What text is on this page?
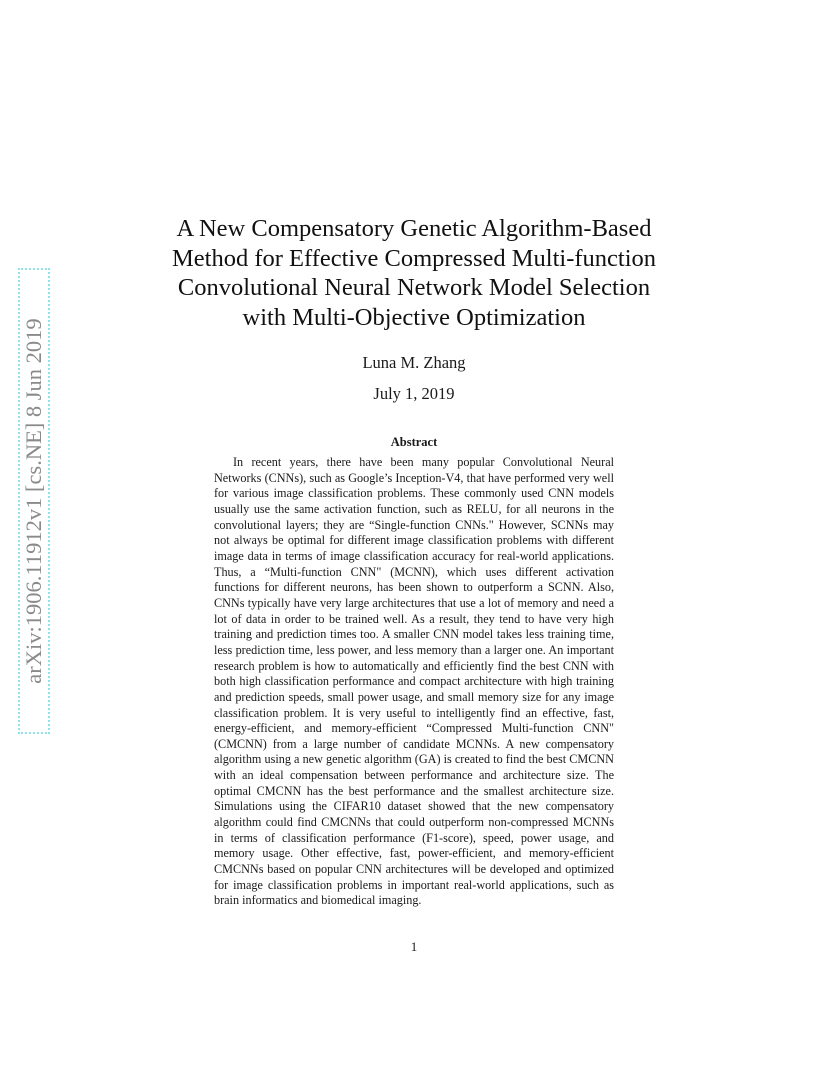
arXiv:1906.11912v1 [cs.NE] 8 Jun 2019
A New Compensatory Genetic Algorithm-Based
Method for Effective Compressed Multi-function
Convolutional Neural Network Model Selection
with Multi-Objective Optimization
Luna M. Zhang
July 1, 2019
Abstract
In recent years, there have been many popular Convolutional Neural Networks (CNNs), such as Google’s Inception-V4, that have performed very well for various image classification problems. These commonly used CNN models usually use the same activation function, such as RELU, for all neurons in the convolutional layers; they are “Single-function CNNs." However, SCNNs may not always be optimal for different image classification problems with different image data in terms of image classification accuracy for real-world applications. Thus, a “Multi-function CNN" (MCNN), which uses different activation functions for different neurons, has been shown to outperform a SCNN. Also, CNNs typically have very large architectures that use a lot of memory and need a lot of data in order to be trained well. As a result, they tend to have very high training and prediction times too. A smaller CNN model takes less training time, less prediction time, less power, and less memory than a larger one. An important research problem is how to automatically and efficiently find the best CNN with both high classification performance and compact architecture with high training and prediction speeds, small power usage, and small memory size for any image classification problem. It is very useful to intelligently find an effective, fast, energy-efficient, and memory-efficient “Compressed Multi-function CNN" (CMCNN) from a large number of candidate MCNNs. A new compensatory algorithm using a new genetic algorithm (GA) is created to find the best CMCNN with an ideal compensation between performance and architecture size. The optimal CMCNN has the best performance and the smallest architecture size. Simulations using the CIFAR10 dataset showed that the new compensatory algorithm could find CMCNNs that could outperform non-compressed MCNNs in terms of classification performance (F1-score), speed, power usage, and memory usage. Other effective, fast, power-efficient, and memory-efficient CMCNNs based on popular CNN architectures will be developed and optimized for image classification problems in important real-world applications, such as brain informatics and biomedical imaging.
1
